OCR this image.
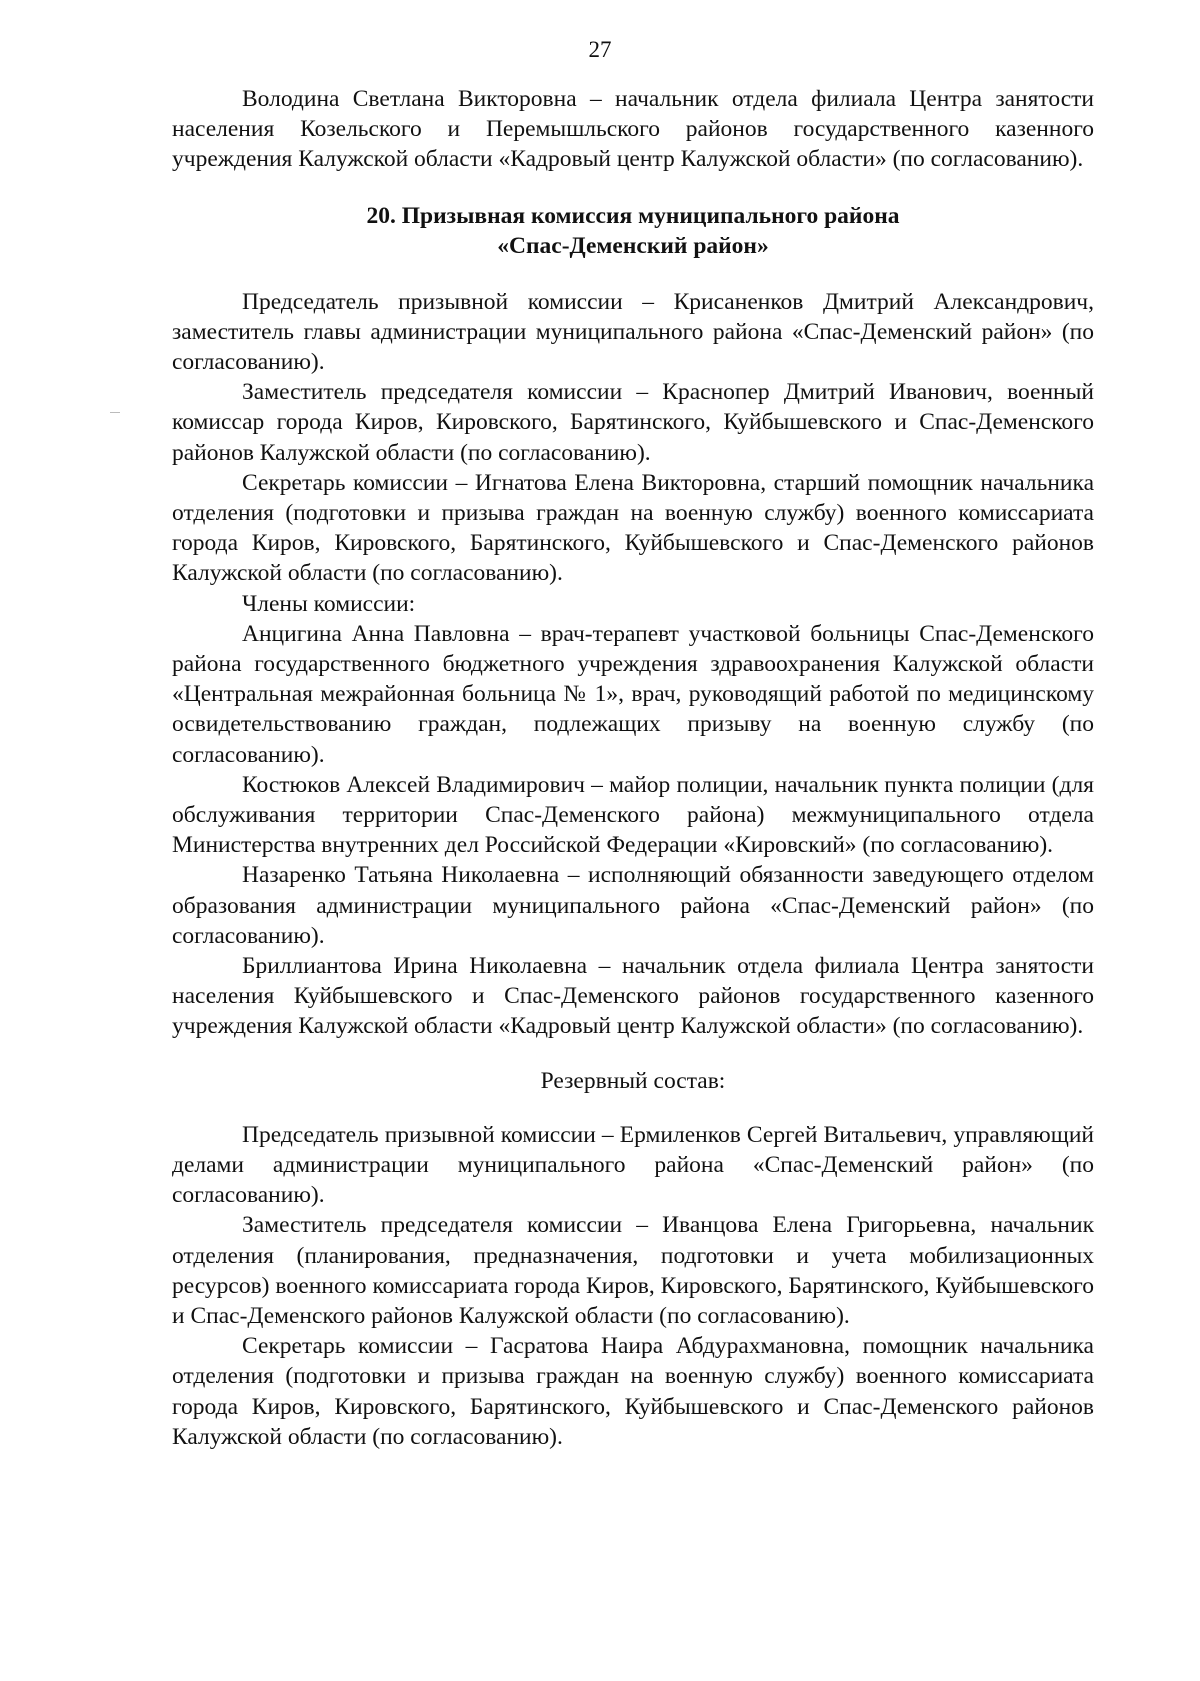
27

Володина Светлана Викторовна – начальник отдела филиала Центра занятости населения Козельского и Перемышльского районов государственного казенного учреждения Калужской области «Кадровый центр Калужской области» (по согласованию).

20. Призывная комиссия муниципального района
«Спас-Деменский район»

Председатель призывной комиссии – Крисаненков Дмитрий Александрович, заместитель главы администрации муниципального района «Спас-Деменский район» (по согласованию).

Заместитель председателя комиссии – Краснопер Дмитрий Иванович, военный комиссар города Киров, Кировского, Барятинского, Куйбышевского и Спас-Деменского районов Калужской области (по согласованию).

Секретарь комиссии – Игнатова Елена Викторовна, старший помощник начальника отделения (подготовки и призыва граждан на военную службу) военного комиссариата города Киров, Кировского, Барятинского, Куйбышевского и Спас-Деменского районов Калужской области (по согласованию).

Члены комиссии:

Анцигина Анна Павловна – врач-терапевт участковой больницы Спас-Деменского района государственного бюджетного учреждения здравоохранения Калужской области «Центральная межрайонная больница № 1», врач, руководящий работой по медицинскому освидетельствованию граждан, подлежащих призыву на военную службу (по согласованию).

Костюков Алексей Владимирович – майор полиции, начальник пункта полиции (для обслуживания территории Спас-Деменского района) межмуниципального отдела Министерства внутренних дел Российской Федерации «Кировский» (по согласованию).

Назаренко Татьяна Николаевна – исполняющий обязанности заведующего отделом образования администрации муниципального района «Спас-Деменский район» (по согласованию).

Бриллиантова Ирина Николаевна – начальник отдела филиала Центра занятости населения Куйбышевского и Спас-Деменского районов государственного казенного учреждения Калужской области «Кадровый центр Калужской области» (по согласованию).

Резервный состав:

Председатель призывной комиссии – Ермиленков Сергей Витальевич, управляющий делами администрации муниципального района «Спас-Деменский район» (по согласованию).

Заместитель председателя комиссии – Иванцова Елена Григорьевна, начальник отделения (планирования, предназначения, подготовки и учета мобилизационных ресурсов) военного комиссариата города Киров, Кировского, Барятинского, Куйбышевского и Спас-Деменского районов Калужской области (по согласованию).

Секретарь комиссии – Гасратова Наира Абдурахмановна, помощник начальника отделения (подготовки и призыва граждан на военную службу) военного комиссариата города Киров, Кировского, Барятинского, Куйбышевского и Спас-Деменского районов Калужской области (по согласованию).
